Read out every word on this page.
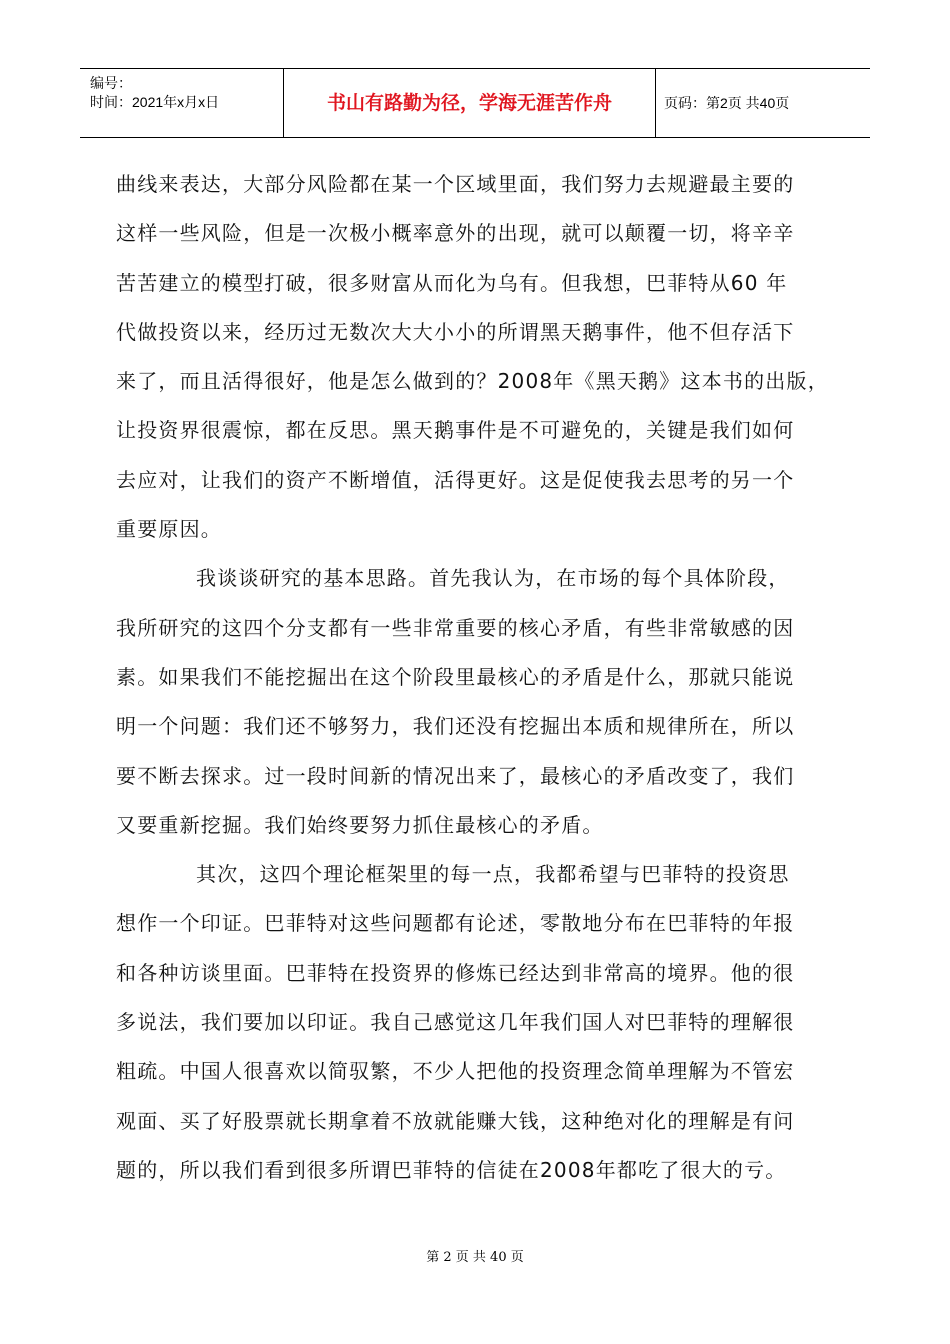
编号：
时间：2021年x月x日	书山有路勤为径，学海无涯苦作舟	页码：第2页 共40页
曲线来表达，大部分风险都在某一个区域里面，我们努力去规避最主要的
这样一些风险，但是一次极小概率意外的出现，就可以颠覆一切，将辛辛
苦苦建立的模型打破，很多财富从而化为乌有。但我想，巴菲特从60 年
代做投资以来，经历过无数次大大小小的所谓黑天鹅事件，他不但存活下
来了，而且活得很好，他是怎么做到的？2008年《黑天鹅》这本书的出版，
让投资界很震惊，都在反思。黑天鹅事件是不可避免的，关键是我们如何
去应对，让我们的资产不断增值，活得更好。这是促使我去思考的另一个
重要原因。
我谈谈研究的基本思路。首先我认为，在市场的每个具体阶段，
我所研究的这四个分支都有一些非常重要的核心矛盾，有些非常敏感的因
素。如果我们不能挖掘出在这个阶段里最核心的矛盾是什么，那就只能说
明一个问题：我们还不够努力，我们还没有挖掘出本质和规律所在，所以
要不断去探求。过一段时间新的情况出来了，最核心的矛盾改变了，我们
又要重新挖掘。我们始终要努力抓住最核心的矛盾。
其次，这四个理论框架里的每一点，我都希望与巴菲特的投资思
想作一个印证。巴菲特对这些问题都有论述，零散地分布在巴菲特的年报
和各种访谈里面。巴菲特在投资界的修炼已经达到非常高的境界。他的很
多说法，我们要加以印证。我自己感觉这几年我们国人对巴菲特的理解很
粗疏。中国人很喜欢以简驭繁，不少人把他的投资理念简单理解为不管宏
观面、买了好股票就长期拿着不放就能赚大钱，这种绝对化的理解是有问
题的，所以我们看到很多所谓巴菲特的信徒在2008年都吃了很大的亏。
第 2 页 共 40 页
